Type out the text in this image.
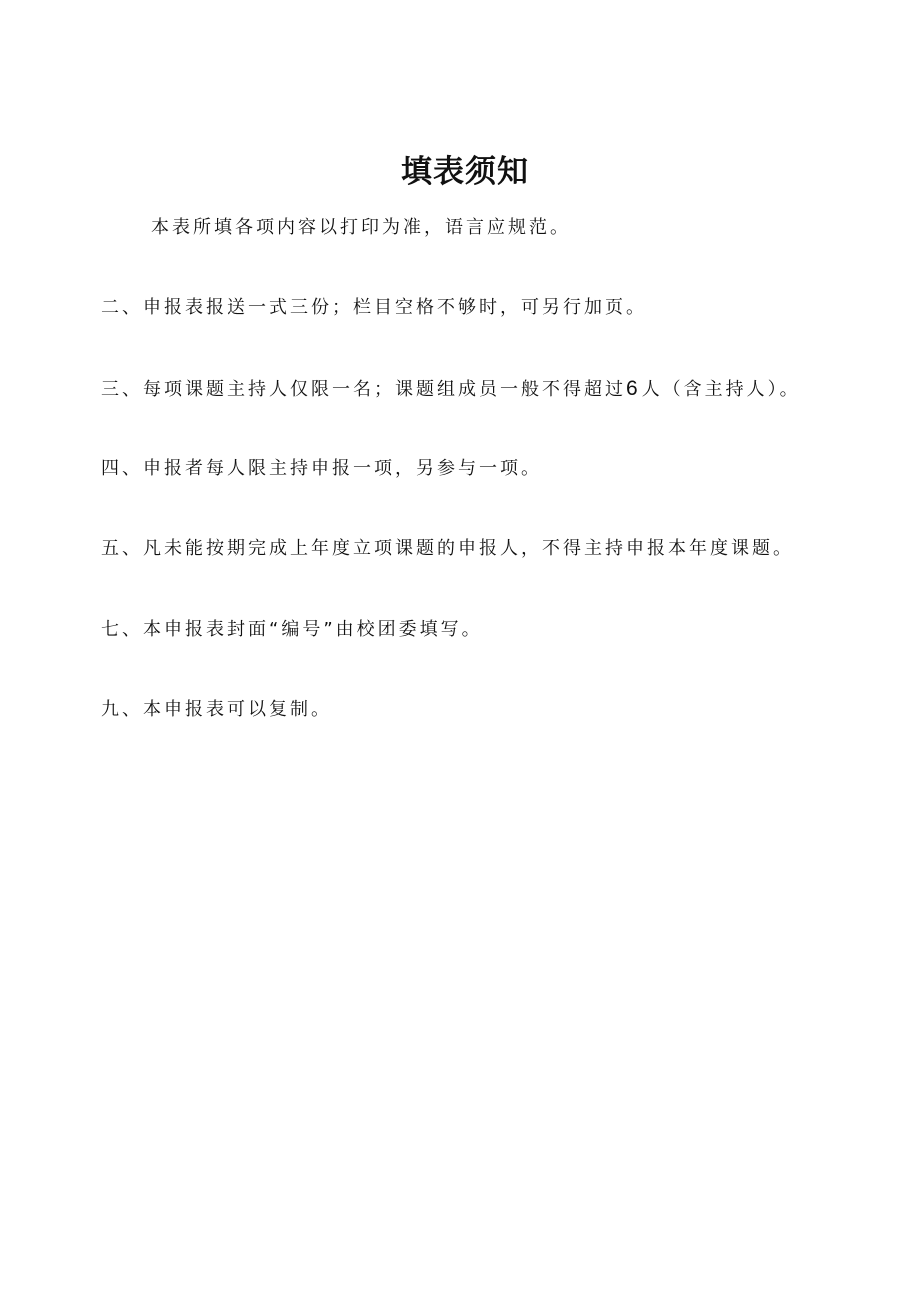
填表须知
本表所填各项内容以打印为准，语言应规范。
二、申报表报送一式三份；栏目空格不够时，可另行加页。
三、每项课题主持人仅限一名；课题组成员一般不得超过6人（含主持人）。
四、申报者每人限主持申报一项，另参与一项。
五、凡未能按期完成上年度立项课题的申报人，不得主持申报本年度课题。
七、本申报表封面“编号”由校团委填写。
九、本申报表可以复制。
